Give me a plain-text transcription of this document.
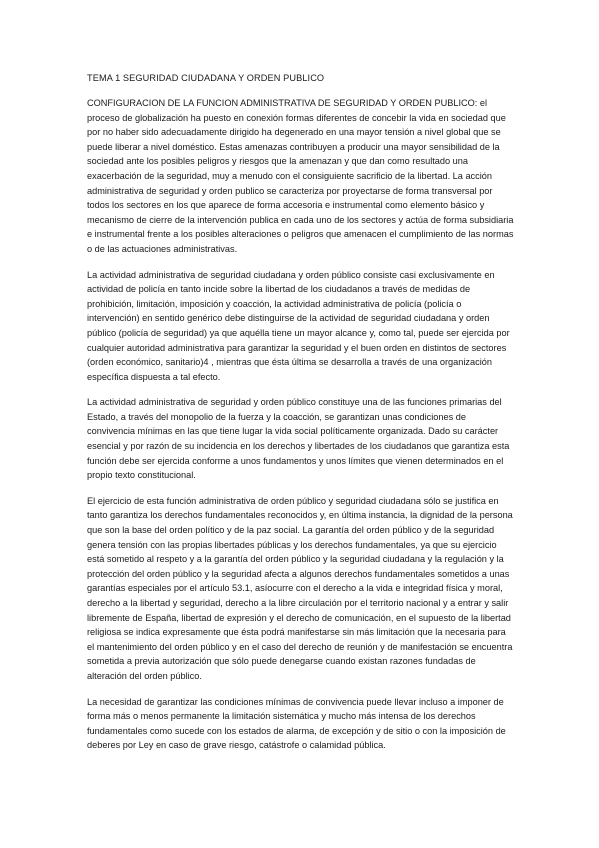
TEMA 1 SEGURIDAD CIUDADANA Y ORDEN PUBLICO

CONFIGURACION DE LA FUNCION ADMINISTRATIVA DE SEGURIDAD Y ORDEN PUBLICO: el proceso de globalización ha puesto en conexión formas diferentes de concebir la vida en sociedad que por no haber sido adecuadamente dirigido ha degenerado en una mayor tensión a nivel global que se puede liberar a nivel doméstico. Estas amenazas contribuyen a producir una mayor sensibilidad de la sociedad ante los posibles peligros y riesgos que la amenazan y que dan como resultado una exacerbación de la seguridad, muy a menudo con el consiguiente sacrificio de la libertad. La acción administrativa de seguridad y orden publico se caracteriza por proyectarse de forma transversal por todos los sectores en los que aparece de forma accesoria e instrumental como elemento básico y mecanismo de cierre de la intervención publica en cada uno de los sectores y actúa de forma subsidiaria e instrumental frente a los posibles alteraciones o peligros que amenacen el cumplimiento de las normas o de las actuaciones administrativas.

La actividad administrativa de seguridad ciudadana y orden público consiste casi exclusivamente en actividad de policía en tanto incide sobre la libertad de los ciudadanos a través de medidas de prohibición, limitación, imposición y coacción, la actividad administrativa de policía (policía o intervención) en sentido genérico debe distinguirse de la actividad de seguridad ciudadana y orden público (policía de seguridad) ya que aquélla tiene un mayor alcance y, como tal, puede ser ejercida por cualquier autoridad administrativa para garantizar la seguridad y el buen orden en distintos de sectores (orden económico, sanitario)4 , mientras que ésta última se desarrolla a través de una organización específica dispuesta a tal efecto.

La actividad administrativa de seguridad y orden público constituye una de las funciones primarias del Estado, a través del monopolio de la fuerza y la coacción, se garantizan unas condiciones de convivencia mínimas en las que tiene lugar la vida social políticamente organizada. Dado su carácter esencial y por razón de su incidencia en los derechos y libertades de los ciudadanos que garantiza esta función debe ser ejercida conforme a unos fundamentos y unos límites que vienen determinados en el propio texto constitucional.

El ejercicio de esta función administrativa de orden público y seguridad ciudadana sólo se justifica en tanto garantiza los derechos fundamentales reconocidos y, en última instancia, la dignidad de la persona que son la base del orden político y de la paz social. La garantía del orden público y de la seguridad genera tensión con las propias libertades públicas y los derechos fundamentales, ya que su ejercicio está sometido al respeto y a la garantía del orden público y la seguridad ciudadana y la regulación y la protección del orden público y la seguridad afecta a algunos derechos fundamentales sometidos a unas garantías especiales por el artículo 53.1, asíocurre con el derecho a la vida e integridad física y moral, derecho a la libertad y seguridad, derecho a la libre circulación por el territorio nacional y a entrar y salir libremente de España, libertad de expresión y el derecho de comunicación, en el supuesto de la libertad religiosa se indica expresamente que ésta podrá manifestarse sin más limitación que la necesaria para el mantenimiento del orden público y en el caso del derecho de reunión y de manifestación se encuentra sometida a previa autorización que sólo puede denegarse cuando existan razones fundadas de alteración del orden público.

La necesidad de garantizar las condiciones mínimas de convivencia puede llevar incluso a imponer de forma más o menos permanente la limitación sistemática y mucho más intensa de los derechos fundamentales como sucede con los estados de alarma, de excepción y de sitio o con la imposición de deberes por Ley en caso de grave riesgo, catástrofe o calamidad pública.
